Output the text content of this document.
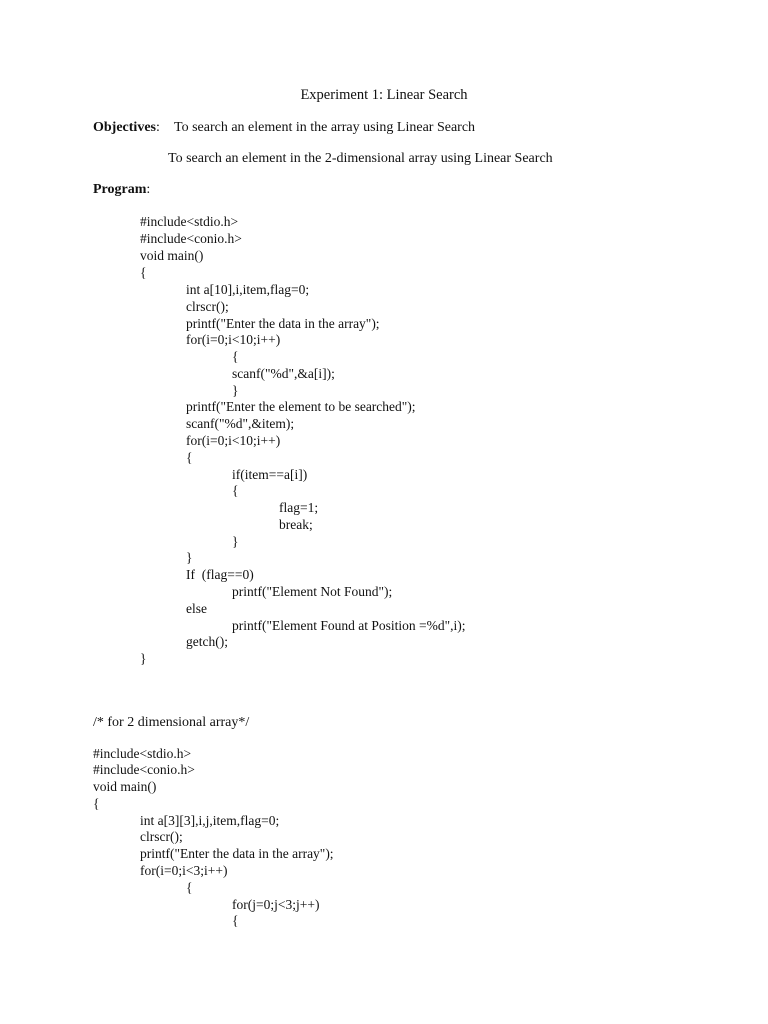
Experiment 1: Linear Search
Objectives: To search an element in the array using Linear Search
To search an element in the 2-dimensional array using Linear Search
Program:
#include<stdio.h>
#include<conio.h>
void main()
{
int a[10],i,item,flag=0;
clrscr();
printf("Enter the data in the array");
for(i=0;i<10;i++)
{
scanf("%d",&a[i]);
}
printf("Enter the element to be searched");
scanf("%d",&item);
for(i=0;i<10;i++)
{
if(item==a[i])
{
flag=1;
break;
}
}
If  (flag==0)
printf("Element Not Found");
else
printf("Element Found at Position =%d",i);
getch();
}
/* for 2 dimensional array*/
#include<stdio.h>
#include<conio.h>
void main()
{
int a[3][3],i,j,item,flag=0;
clrscr();
printf("Enter the data in the array");
for(i=0;i<3;i++)
{
for(j=0;j<3;j++)
{
